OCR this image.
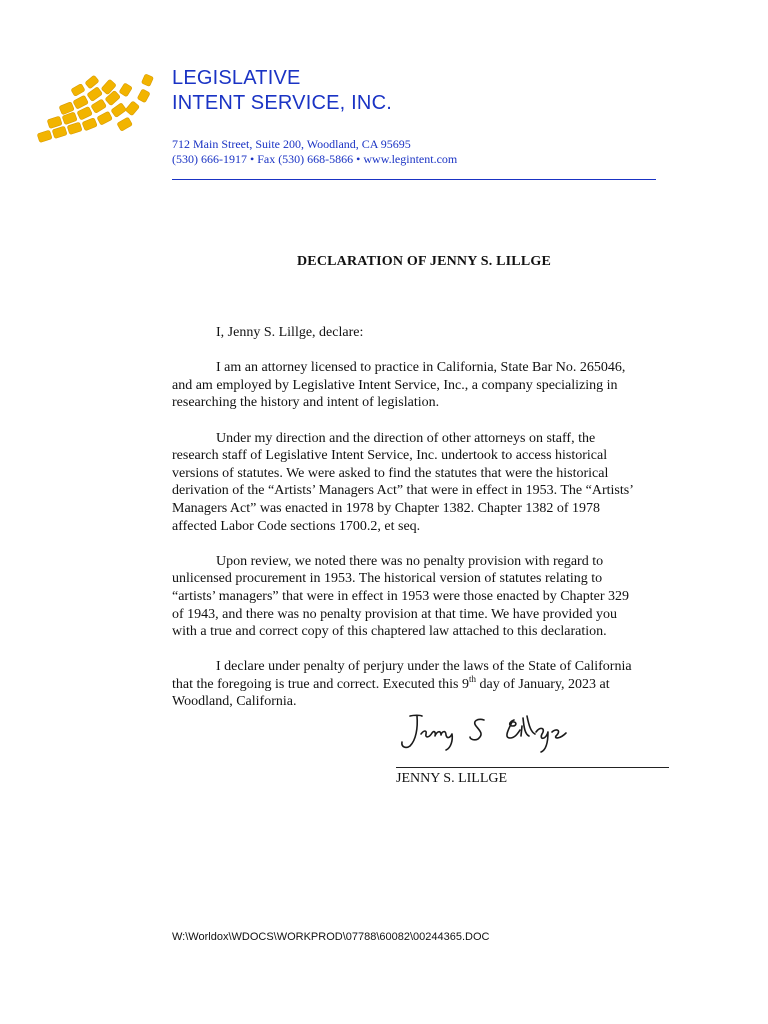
LEGISLATIVE
INTENT SERVICE, INC.
712 Main Street, Suite 200, Woodland, CA 95695
(530) 666-1917 • Fax (530) 668-5866 • www.legintent.com
DECLARATION OF JENNY S. LILLGE
I, Jenny S. Lillge, declare:
I am an attorney licensed to practice in California, State Bar No. 265046,
and am employed by Legislative Intent Service, Inc., a company specializing in
researching the history and intent of legislation.
Under my direction and the direction of other attorneys on staff, the
research staff of Legislative Intent Service, Inc. undertook to access historical
versions of statutes. We were asked to find the statutes that were the historical
derivation of the “Artists’ Managers Act” that were in effect in 1953. The “Artists’
Managers Act” was enacted in 1978 by Chapter 1382. Chapter 1382 of 1978
affected Labor Code sections 1700.2, et seq.
Upon review, we noted there was no penalty provision with regard to
unlicensed procurement in 1953. The historical version of statutes relating to
“artists’ managers” that were in effect in 1953 were those enacted by Chapter 329
of 1943, and there was no penalty provision at that time. We have provided you
with a true and correct copy of this chaptered law attached to this declaration.
I declare under penalty of perjury under the laws of the State of California
that the foregoing is true and correct. Executed this 9th day of January, 2023 at
Woodland, California.
JENNY S. LILLGE
W:\Worldox\WDOCS\WORKPROD\07788\60082\00244365.DOC
